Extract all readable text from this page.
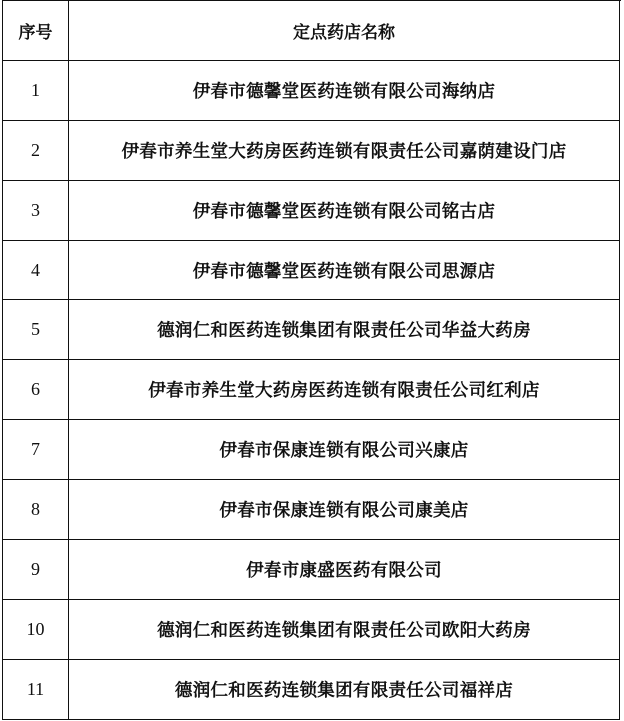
序号	定点药店名称
1	伊春市德馨堂医药连锁有限公司海纳店
2	伊春市养生堂大药房医药连锁有限责任公司嘉荫建设门店
3	伊春市德馨堂医药连锁有限公司铭古店
4	伊春市德馨堂医药连锁有限公司思源店
5	德润仁和医药连锁集团有限责任公司华益大药房
6	伊春市养生堂大药房医药连锁有限责任公司红利店
7	伊春市保康连锁有限公司兴康店
8	伊春市保康连锁有限公司康美店
9	伊春市康盛医药有限公司
10	德润仁和医药连锁集团有限责任公司欧阳大药房
11	德润仁和医药连锁集团有限责任公司福祥店
